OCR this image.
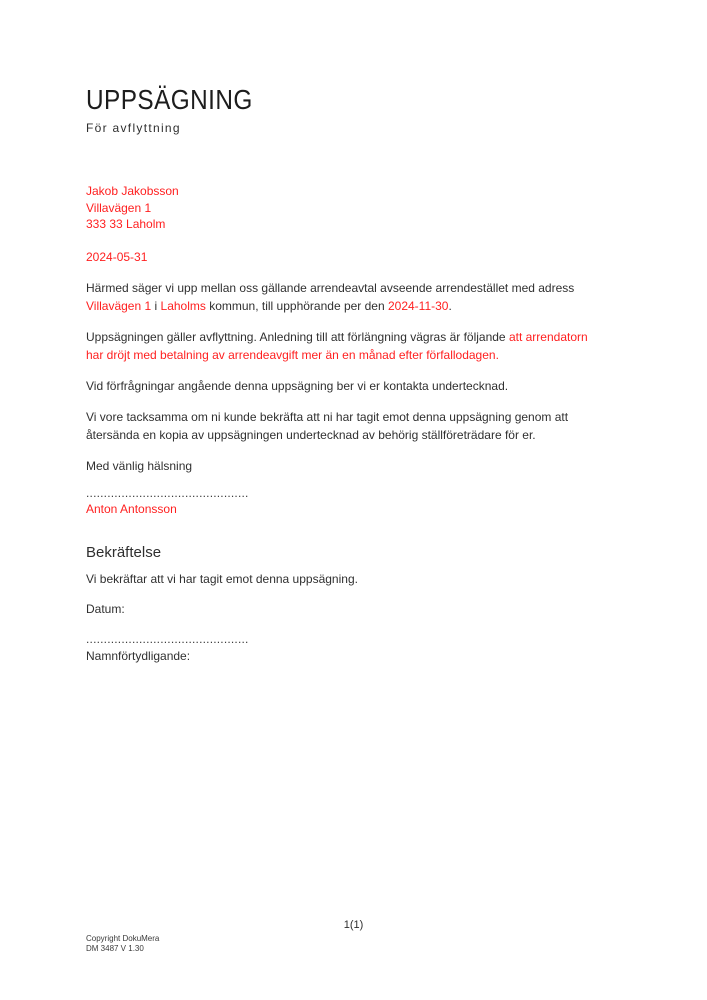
UPPSÄGNING
För avflyttning
Jakob Jakobsson
Villavägen 1
333 33 Laholm
2024-05-31

Härmed säger vi upp mellan oss gällande arrendeavtal avseende arrendestället med adress
Villavägen 1 i Laholms kommun, till upphörande per den 2024-11-30.

Uppsägningen gäller avflyttning. Anledning till att förlängning vägras är följande att arrendatorn
har dröjt med betalning av arrendeavgift mer än en månad efter förfallodagen.

Vid förfrågningar angående denna uppsägning ber vi er kontakta undertecknad.

Vi vore tacksamma om ni kunde bekräfta att ni har tagit emot denna uppsägning genom att
återsända en kopia av uppsägningen undertecknad av behörig ställföreträdare för er.

Med vänlig hälsning

..............................................
Anton Antonsson
Bekräftelse
Vi bekräftar att vi har tagit emot denna uppsägning.
Datum:
..............................................
Namnförtydligande:
1(1)
Copyright DokuMera
DM 3487 V 1.30
